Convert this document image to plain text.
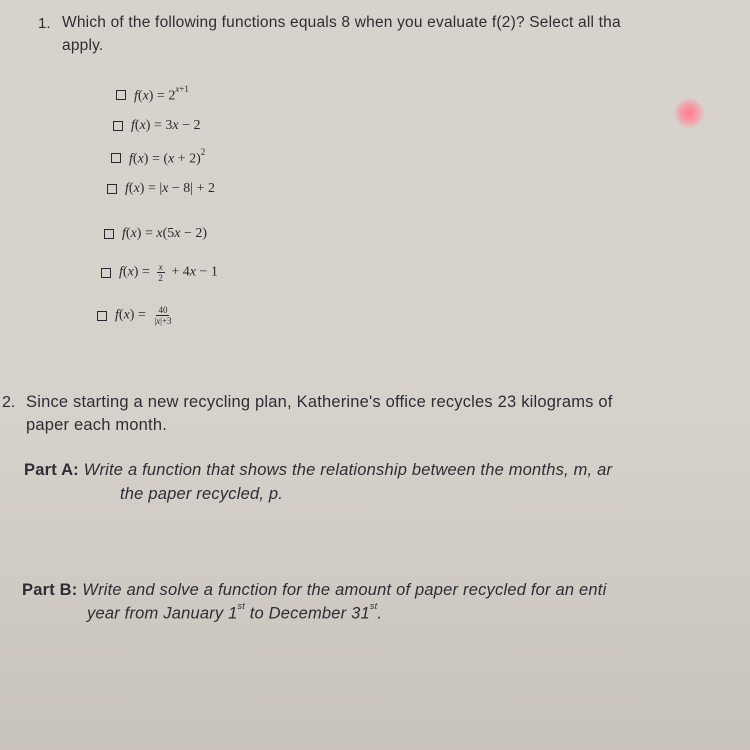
1. Which of the following functions equals 8 when you evaluate f(2)? Select all tha
apply.
$f(x) = 2^{x+1}$
f(x) = 3x − 2
$f(x) = (x + 2)^2$
f(x) = |x − 8| + 2
f(x) = x(5x − 2)
$f(x) = \frac{x}{2} + 4x - 1$
$f(x) = \frac{40}{|x|+3}$
2. Since starting a new recycling plan, Katherine's office recycles 23 kilograms of
paper each month.
Part A: Write a function that shows the relationship between the months, m, ar
the paper recycled, p.
Part B: Write and solve a function for the amount of paper recycled for an enti
year from January 1st to December 31st.
